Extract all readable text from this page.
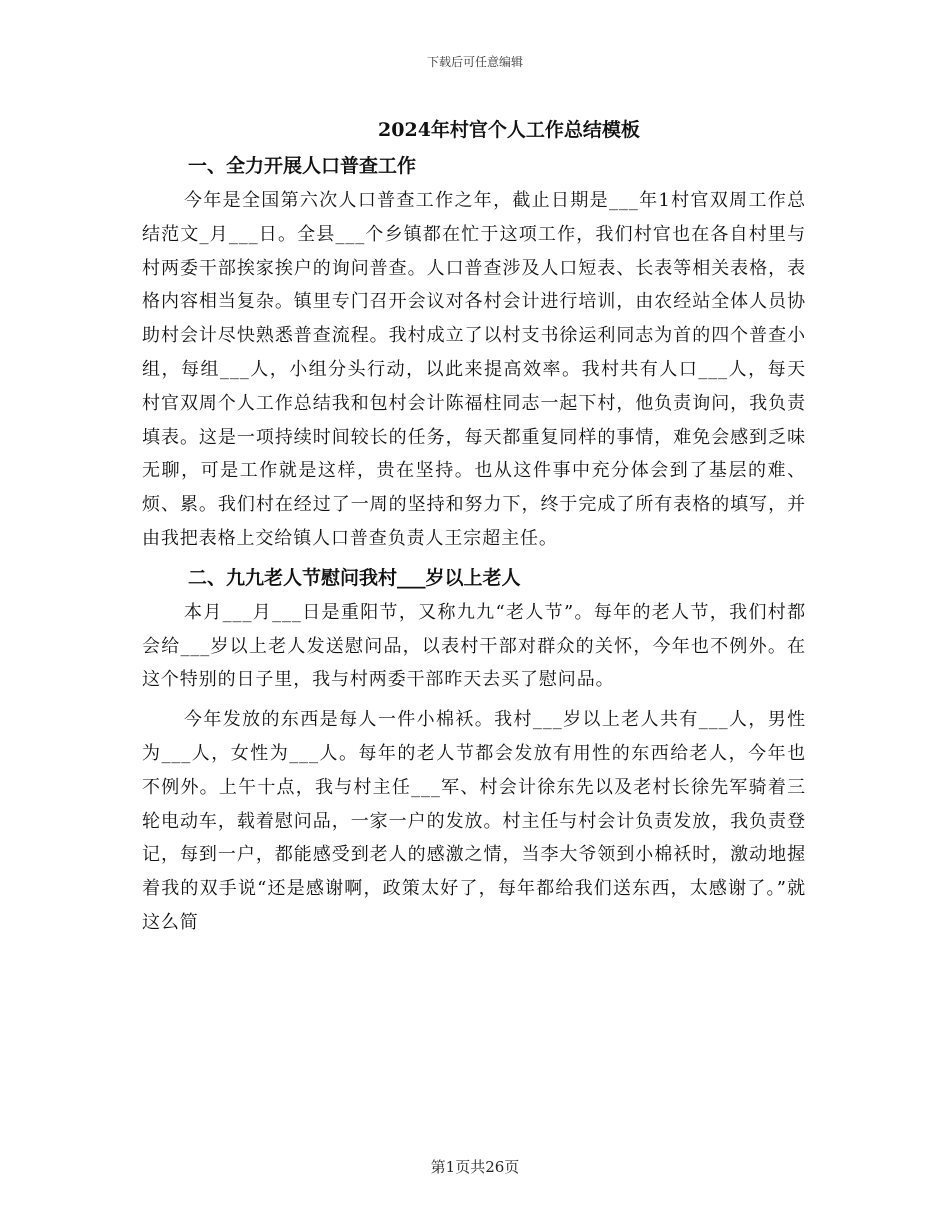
下载后可任意编辑
2024年村官个人工作总结模板
一、全力开展人口普查工作

今年是全国第六次人口普查工作之年，截止日期是___年1村官双周工作总结范文_月___日。全县___个乡镇都在忙于这项工作，我们村官也在各自村里与村两委干部挨家挨户的询问普查。人口普查涉及人口短表、长表等相关表格，表格内容相当复杂。镇里专门召开会议对各村会计进行培训，由农经站全体人员协助村会计尽快熟悉普查流程。我村成立了以村支书徐运利同志为首的四个普查小组，每组___人，小组分头行动，以此来提高效率。我村共有人口___人，每天村官双周个人工作总结我和包村会计陈福柱同志一起下村，他负责询问，我负责填表。这是一项持续时间较长的任务，每天都重复同样的事情，难免会感到乏味无聊，可是工作就是这样，贵在坚持。也从这件事中充分体会到了基层的难、烦、累。我们村在经过了一周的坚持和努力下，终于完成了所有表格的填写，并由我把表格上交给镇人口普查负责人王宗超主任。

二、九九老人节慰问我村___岁以上老人

本月___月___日是重阳节，又称九九“老人节”。每年的老人节，我们村都会给___岁以上老人发送慰问品，以表村干部对群众的关怀，今年也不例外。在这个特别的日子里，我与村两委干部昨天去买了慰问品。

今年发放的东西是每人一件小棉袄。我村___岁以上老人共有___人，男性为___人，女性为___人。每年的老人节都会发放有用性的东西给老人，今年也不例外。上午十点，我与村主任___军、村会计徐东先以及老村长徐先军骑着三轮电动车，载着慰问品，一家一户的发放。村主任与村会计负责发放，我负责登记，每到一户，都能感受到老人的感激之情，当李大爷领到小棉袄时，激动地握着我的双手说“还是感谢啊，政策太好了，每年都给我们送东西，太感谢了。”就这么简

第1页共26页
